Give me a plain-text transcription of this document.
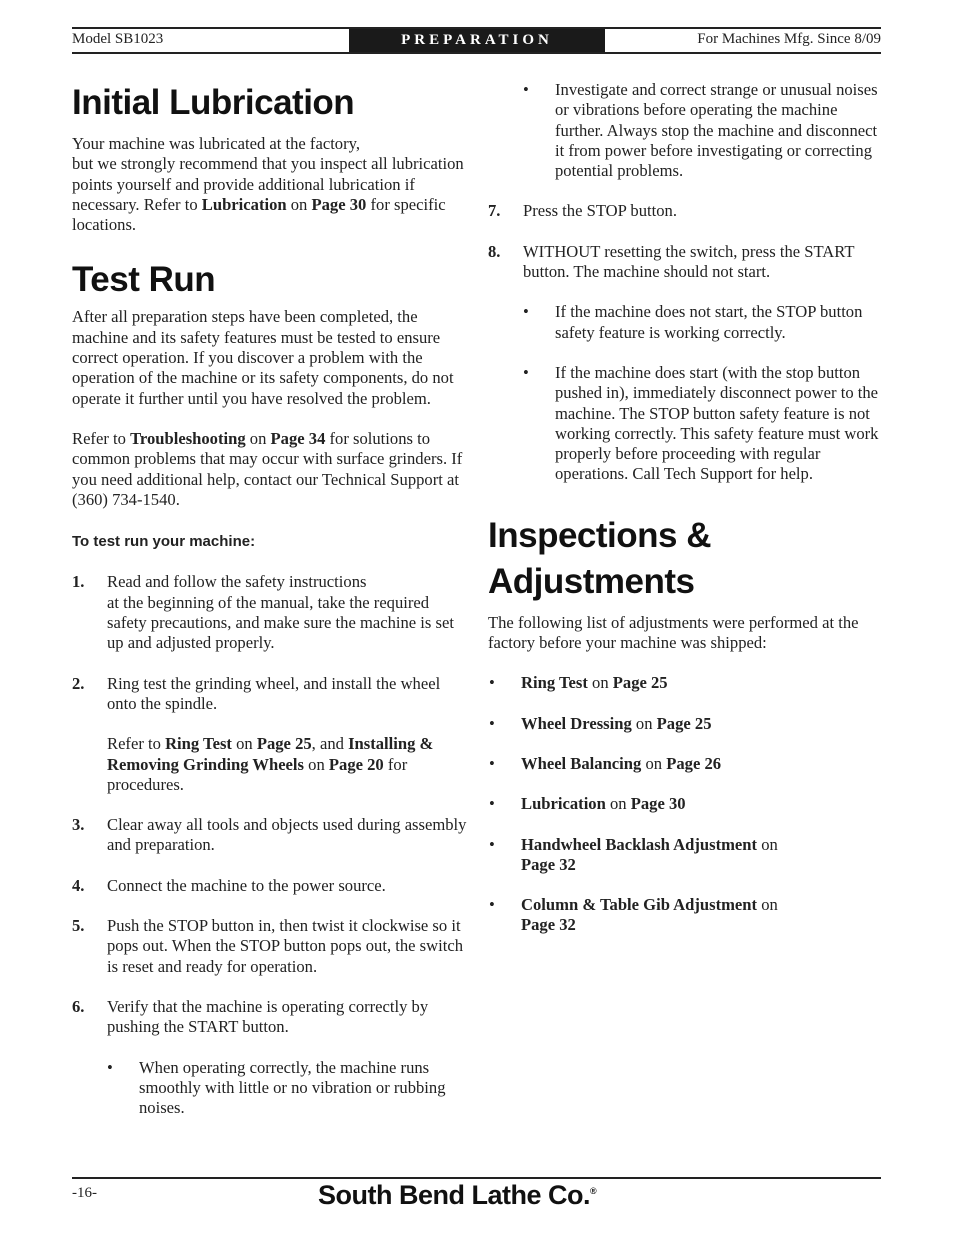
Model SB1023	PREPARATION	For Machines Mfg. Since 8/09
Initial Lubrication

Your machine was lubricated at the factory,
but we strongly recommend that you inspect all lubrication points yourself and provide additional lubrication if necessary. Refer to Lubrication on Page 30 for specific locations.

Test Run

After all preparation steps have been completed, the machine and its safety features must be tested to ensure correct operation. If you discover a problem with the operation of the machine or its safety components, do not operate it further until you have resolved the problem.

Refer to Troubleshooting on Page 34 for solutions to common problems that may occur with surface grinders. If you need additional help, contact our Technical Support at
(360) 734-1540.

To test run your machine:

1. Read and follow the safety instructions
at the beginning of the manual, take the required safety precautions, and make sure the machine is set up and adjusted properly.
2. Ring test the grinding wheel, and install the wheel onto the spindle.

Refer to Ring Test on Page 25, and Installing & Removing Grinding Wheels on Page 20 for procedures.

3. Clear away all tools and objects used during assembly and preparation.
4. Connect the machine to the power source.
5. Push the STOP button in, then twist it clockwise so it pops out. When the STOP button pops out, the switch is reset and ready for operation.
6. Verify that the machine is operating correctly by pushing the START button.
• When operating correctly, the machine runs smoothly with little or no vibration or rubbing noises.
• Investigate and correct strange or unusual noises or vibrations before operating the machine further. Always stop the machine and disconnect it from power before investigating or correcting potential problems.
7. Press the STOP button.
8. WITHOUT resetting the switch, press the START button. The machine should not start.
• If the machine does not start, the STOP button safety feature is working correctly.
• If the machine does start (with the stop button pushed in), immediately disconnect power to the machine. The STOP button safety feature is not working correctly. This safety feature must work properly before proceeding with regular operations. Call Tech Support for help.
Inspections &
Adjustments

The following list of adjustments were performed at the factory before your machine was shipped:

• Ring Test on Page 25
• Wheel Dressing on Page 25
• Wheel Balancing on Page 26
• Lubrication on Page 30
• Handwheel Backlash Adjustment on
Page 32
• Column & Table Gib Adjustment on
Page 32
-16-	South Bend Lathe Co.®
